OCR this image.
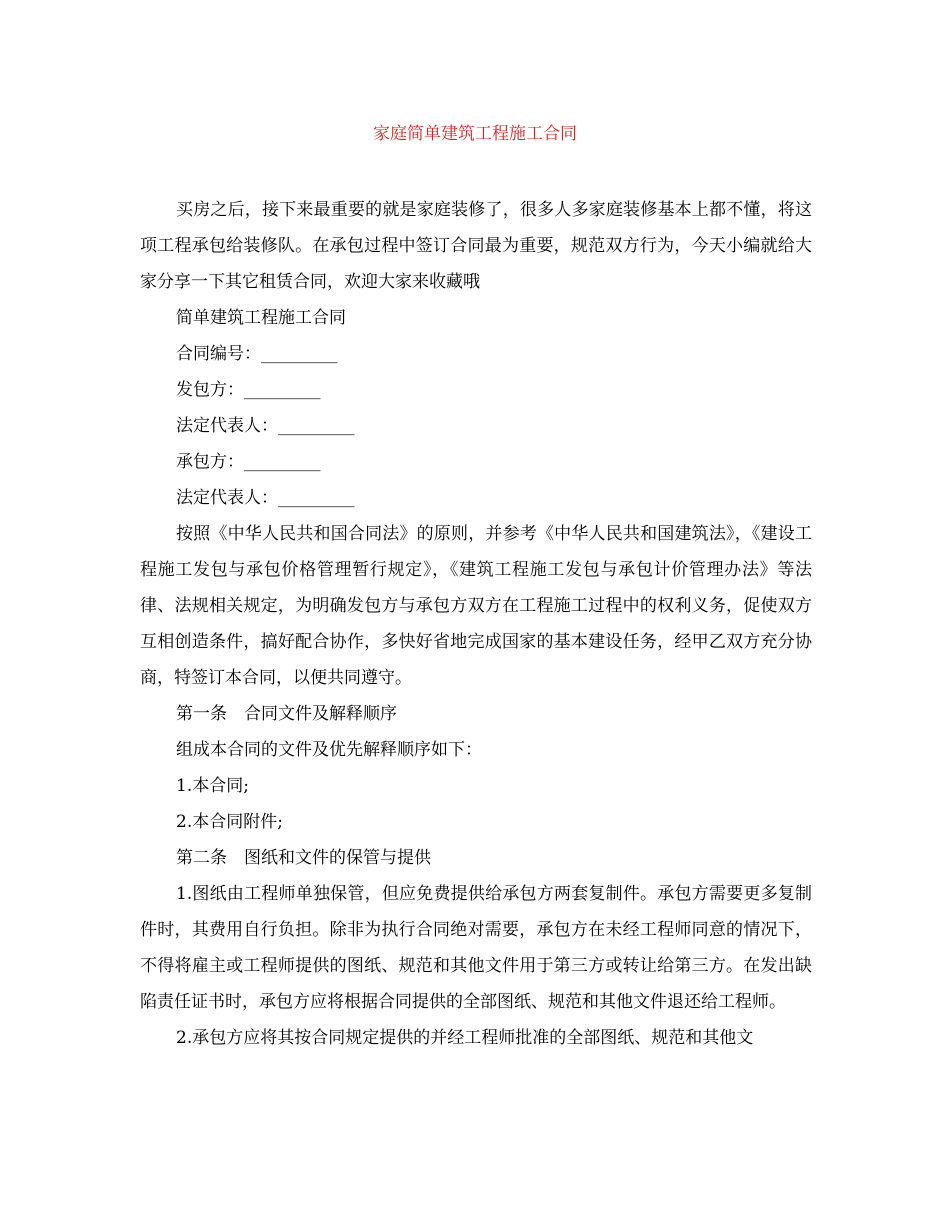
家庭简单建筑工程施工合同

买房之后，接下来最重要的就是家庭装修了，很多人多家庭装修基本上都不懂，将这项工程承包给装修队。在承包过程中签订合同最为重要，规范双方行为，今天小编就给大家分享一下其它租赁合同，欢迎大家来收藏哦

简单建筑工程施工合同

合同编号：_________

发包方：_________

法定代表人：_________

承包方：_________

法定代表人：_________

按照《中华人民共和国合同法》的原则，并参考《中华人民共和国建筑法》，《建设工程施工发包与承包价格管理暂行规定》，《建筑工程施工发包与承包计价管理办法》等法律、法规相关规定，为明确发包方与承包方双方在工程施工过程中的权利义务，促使双方互相创造条件，搞好配合协作，多快好省地完成国家的基本建设任务，经甲乙双方充分协商，特签订本合同，以便共同遵守。

第一条　合同文件及解释顺序

组成本合同的文件及优先解释顺序如下：

1.本合同;

2.本合同附件;

第二条　图纸和文件的保管与提供

1.图纸由工程师单独保管，但应免费提供给承包方两套复制件。承包方需要更多复制件时，其费用自行负担。除非为执行合同绝对需要，承包方在未经工程师同意的情况下，不得将雇主或工程师提供的图纸、规范和其他文件用于第三方或转让给第三方。在发出缺陷责任证书时，承包方应将根据合同提供的全部图纸、规范和其他文件退还给工程师。

2.承包方应将其按合同规定提供的并经工程师批准的全部图纸、规范和其他文
